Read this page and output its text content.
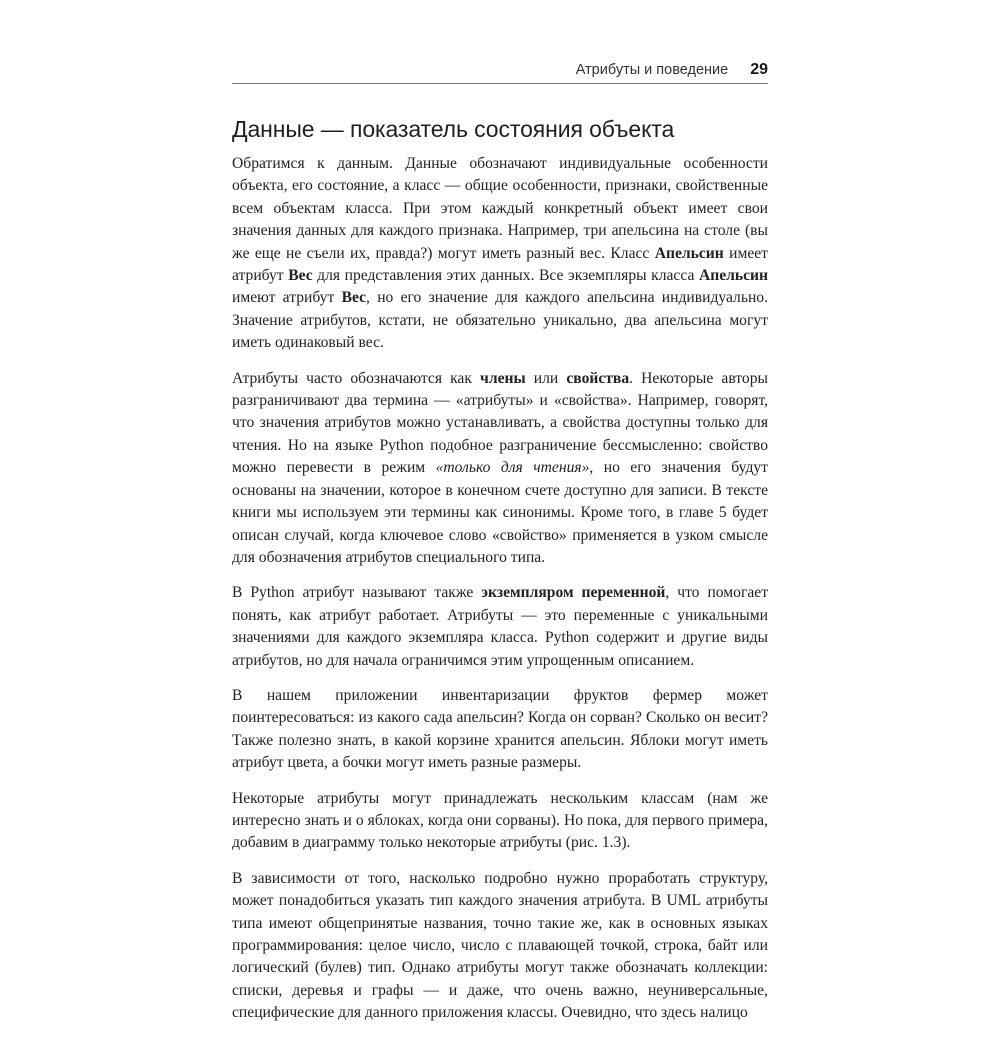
Атрибуты и поведение 29
Данные — показатель состояния объекта

Обратимся к данным. Данные обозначают индивидуальные особенности объекта, его состояние, а класс — общие особенности, признаки, свойственные всем объектам класса. При этом каждый конкретный объект имеет свои значения данных для каждого признака. Например, три апельсина на столе (вы же еще не съели их, правда?) могут иметь разный вес. Класс Апельсин имеет атрибут Вес для представления этих данных. Все экземпляры класса Апельсин имеют атрибут Вес, но его значение для каждого апельсина индивидуально. Значение атрибутов, кстати, не обязательно уникально, два апельсина могут иметь одинаковый вес.

Атрибуты часто обозначаются как члены или свойства. Некоторые авторы разграничивают два термина — «атрибуты» и «свойства». Например, говорят, что значения атрибутов можно устанавливать, а свойства доступны только для чтения. Но на языке Python подобное разграничение бессмысленно: свойство можно перевести в режим «только для чтения», но его значения будут основаны на значении, которое в конечном счете доступно для записи. В тексте книги мы используем эти термины как синонимы. Кроме того, в главе 5 будет описан случай, когда ключевое слово «свойство» применяется в узком смысле для обозначения атрибутов специального типа.

В Python атрибут называют также экземпляром переменной, что помогает понять, как атрибут работает. Атрибуты — это переменные с уникальными значениями для каждого экземпляра класса. Python содержит и другие виды атрибутов, но для начала ограничимся этим упрощенным описанием.

В нашем приложении инвентаризации фруктов фермер может поинтересоваться: из какого сада апельсин? Когда он сорван? Сколько он весит? Также полезно знать, в какой корзине хранится апельсин. Яблоки могут иметь атрибут цвета, а бочки могут иметь разные размеры.

Некоторые атрибуты могут принадлежать нескольким классам (нам же интересно знать и о яблоках, когда они сорваны). Но пока, для первого примера, добавим в диаграмму только некоторые атрибуты (рис. 1.3).

В зависимости от того, насколько подробно нужно проработать структуру, может понадобиться указать тип каждого значения атрибута. В UML атрибуты типа имеют общепринятые названия, точно такие же, как в основных языках программирования: целое число, число с плавающей точкой, строка, байт или логический (булев) тип. Однако атрибуты могут также обозначать коллекции: списки, деревья и графы — и даже, что очень важно, неуниверсальные, специфические для данного приложения классы. Очевидно, что здесь налицо
